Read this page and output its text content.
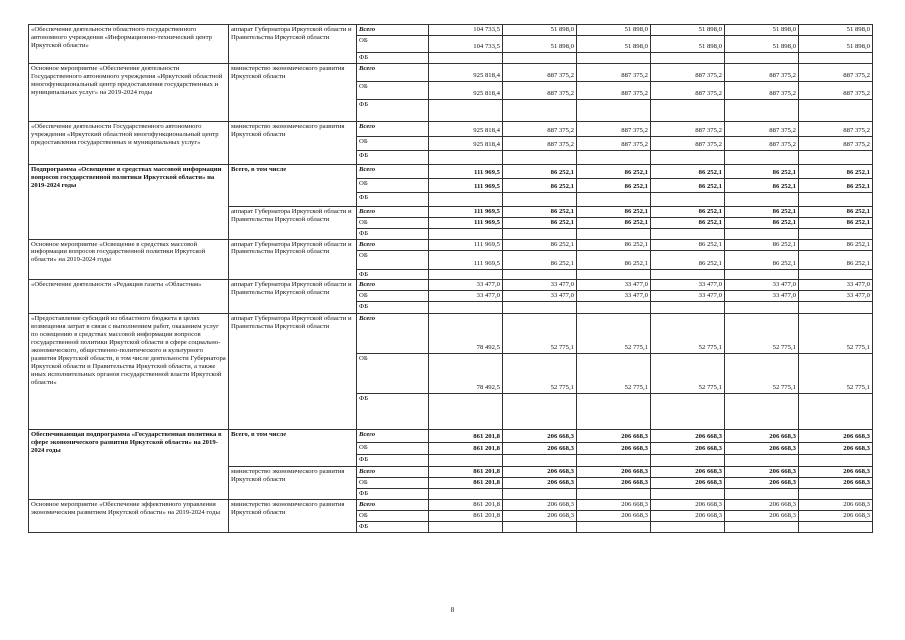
«Обеспечение деятельности областного государственного автономного учреждения «Информационно-технический центр Иркутской области»	аппарат Губернатора Иркутской области и Правительства Иркутской области	Всего	104 733,5	51 898,0	51 898,0	51 898,0	51 898,0	51 898,0
		ОБ	104 733,5	51 898,0	51 898,0	51 898,0	51 898,0	51 898,0
		ФБ						
Основное мероприятие «Обеспечение деятельности Государственного автономного учреждения «Иркутский областной многофункциональный центр предоставления государственных и муниципальных услуг» на 2019-2024 годы	министерство экономического развития Иркутской области	Всего	925 818,4	887 375,2	887 375,2	887 375,2	887 375,2	887 375,2
		ОБ	925 818,4	887 375,2	887 375,2	887 375,2	887 375,2	887 375,2
		ФБ						
«Обеспечение деятельности Государственного автономного учреждения «Иркутский областной многофункциональный центр предоставления государственных и муниципальных услуг»	министерство экономического развития Иркутской области	Всего	925 818,4	887 375,2	887 375,2	887 375,2	887 375,2	887 375,2
		ОБ	925 818,4	887 375,2	887 375,2	887 375,2	887 375,2	887 375,2
		ФБ						
Подпрограмма «Освещение в средствах массовой информации вопросов государственной политики Иркутской области» на 2019-2024 годы	Всего, в том числе	Всего	111 969,5	86 252,1	86 252,1	86 252,1	86 252,1	86 252,1
		ОБ	111 969,5	86 252,1	86 252,1	86 252,1	86 252,1	86 252,1
		ФБ						
	аппарат Губернатора Иркутской области и Правительства Иркутской области	Всего	111 969,5	86 252,1	86 252,1	86 252,1	86 252,1	86 252,1
		ОБ	111 969,5	86 252,1	86 252,1	86 252,1	86 252,1	86 252,1
		ФБ						
Основное мероприятие «Освещение в средствах массовой информации вопросов государственной политики Иркутской области» на 2019-2024 годы	аппарат Губернатора Иркутской области и Правительства Иркутской области	Всего	111 969,5	86 252,1	86 252,1	86 252,1	86 252,1	86 252,1
		ОБ	111 969,5	86 252,1	86 252,1	86 252,1	86 252,1	86 252,1
		ФБ						
«Обеспечение деятельности «Редакция газеты «Областная»	аппарат Губернатора Иркутской области и Правительства Иркутской области	Всего	33 477,0	33 477,0	33 477,0	33 477,0	33 477,0	33 477,0
		ОБ	33 477,0	33 477,0	33 477,0	33 477,0	33 477,0	33 477,0
		ФБ						
«Предоставление субсидий из областного бюджета в целях возмещения затрат в связи с выполнением работ, оказанием услуг по освещению в средствах массовой информации вопросов государственной политики Иркутской области в сфере социально-экономического, общественно-политического и культурного развития Иркутской области, в том числе деятельности Губернатора Иркутской области и Правительства Иркутской области, а также иных исполнительных органов государственной власти Иркутской области»	аппарат Губернатора Иркутской области и Правительства Иркутской области	Всего	78 492,5	52 775,1	52 775,1	52 775,1	52 775,1	52 775,1
		ОБ	78 492,5	52 775,1	52 775,1	52 775,1	52 775,1	52 775,1
		ФБ						
Обеспечивающая подпрограмма «Государственная политика в сфере экономического развития Иркутской области» на 2019-2024 годы	Всего, в том числе	Всего	861 201,8	206 668,3	206 668,3	206 668,3	206 668,3	206 668,3
		ОБ	861 201,8	206 668,3	206 668,3	206 668,3	206 668,3	206 668,3
		ФБ						
	министерство экономического развития Иркутской области	Всего	861 201,8	206 668,3	206 668,3	206 668,3	206 668,3	206 668,3
		ОБ	861 201,8	206 668,3	206 668,3	206 668,3	206 668,3	206 668,3
		ФБ						
Основное мероприятие «Обеспечение эффективного управления экономическим развитием Иркутской области» на 2019-2024 годы	министерство экономического развития Иркутской области	Всего	861 201,8	206 668,3	206 668,3	206 668,3	206 668,3	206 668,3
		ОБ	861 201,8	206 668,3	206 668,3	206 668,3	206 668,3	206 668,3
		ФБ						
8
